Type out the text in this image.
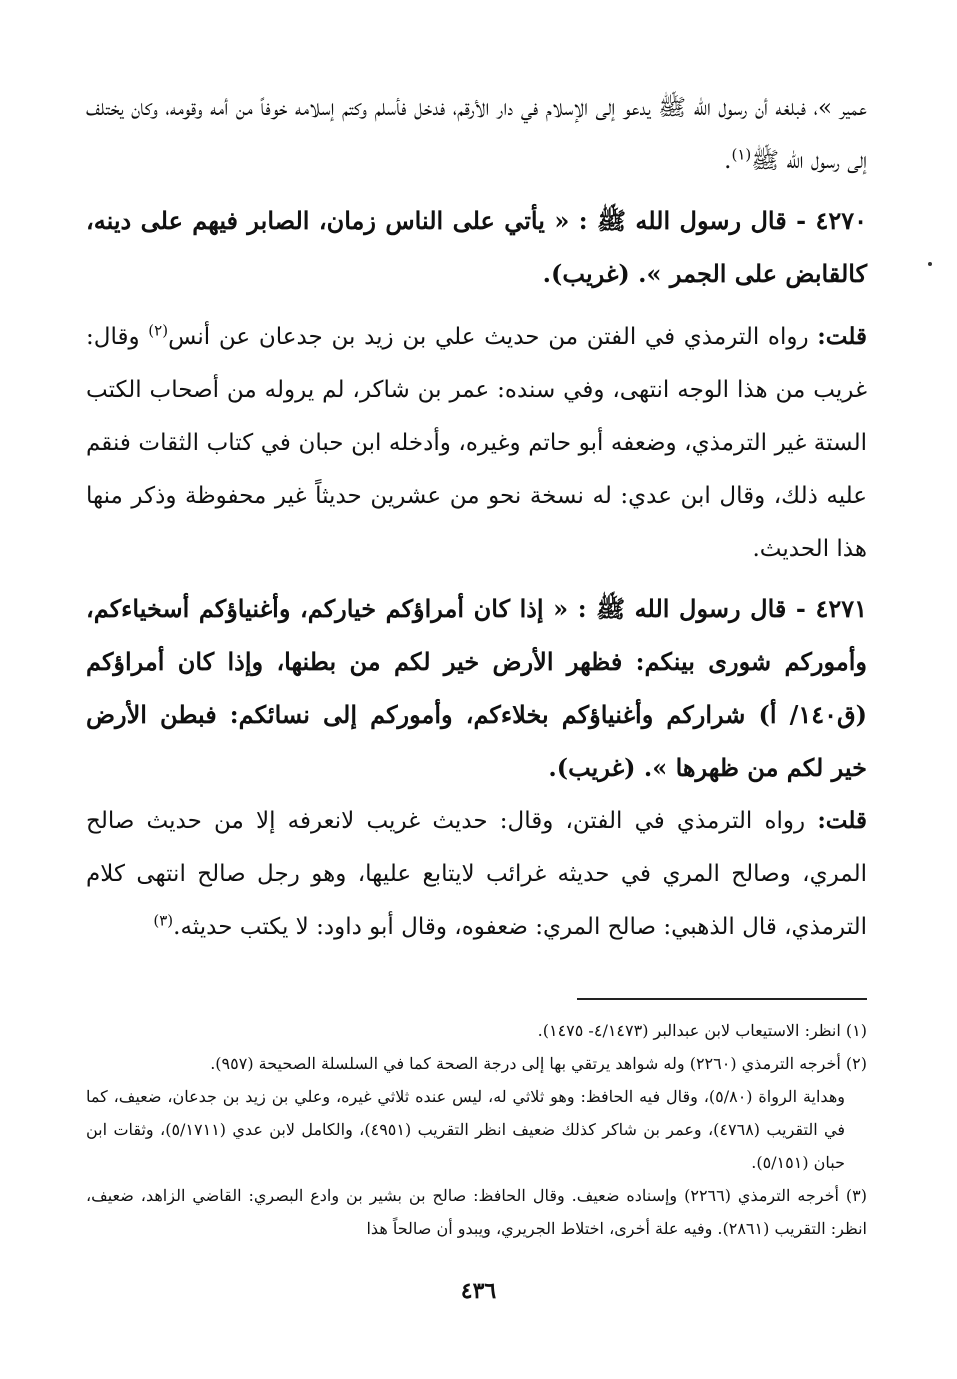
عمير »، فبلغه أن رسول الله ﷺ يدعو إلى الإسلام في دار الأرقم، فدخل فأسلم وكتم إسلامه خوفاً من أمه وقومه، وكان يختلف إلى رسول الله ﷺ$^{(١)}$.

٤٢٧٠ - قال رسول الله ﷺ : « يأتي على الناس زمان، الصابر فيهم على دينه، كالقابض على الجمر ». (غريب).

قلت: رواه الترمذي في الفتن من حديث علي بن زيد بن جدعان عن أنس$^{(٢)}$ وقال: غريب من هذا الوجه انتهى، وفي سنده: عمر بن شاكر، لم يروله من أصحاب الكتب الستة غير الترمذي، وضعفه أبو حاتم وغيره، وأدخله ابن حبان في كتاب الثقات فنقم عليه ذلك، وقال ابن عدي: له نسخة نحو من عشرين حديثاً غير محفوظة وذكر منها هذا الحديث.

٤٢٧١ - قال رسول الله ﷺ : « إذا كان أمراؤكم خياركم، وأغنياؤكم أسخياءكم، وأموركم شورى بينكم: فظهر الأرض خير لكم من بطنها، وإذا كان أمراؤكم (ق١٤٠/ أ) شراركم وأغنياؤكم بخلاءكم، وأموركم إلى نسائكم: فبطن الأرض خير لكم من ظهرها ». (غريب).

قلت: رواه الترمذي في الفتن، وقال: حديث غريب لانعرفه إلا من حديث صالح المري، وصالح المري في حديثه غرائب لايتابع عليها، وهو رجل صالح انتهى كلام الترمذي، قال الذهبي: صالح المري: ضعفوه، وقال أبو داود: لا يكتب حديثه.$^{(٣)}$

(١) انظر: الاستيعاب لابن عبدالبر (٤/١٤٧٣- ١٤٧٥).

(٢) أخرجه الترمذي (٢٢٦٠) وله شواهد يرتقي بها إلى درجة الصحة كما في السلسلة الصحيحة (٩٥٧).

وهداية الرواة (٥/٨٠)، وقال فيه الحافظ: وهو ثلاثي له، ليس عنده ثلاثي غيره، وعلي بن زيد بن جدعان، ضعيف، كما في التقريب (٤٧٦٨)، وعمر بن شاكر كذلك ضعيف انظر التقريب (٤٩٥١)، والكامل لابن عدي (٥/١٧١١)، وثقات ابن حبان (٥/١٥١).

(٣) أخرجه الترمذي (٢٢٦٦) وإسناده ضعيف. وقال الحافظ: صالح بن بشير بن وادع البصري: القاضي الزاهد، ضعيف، انظر: التقريب (٢٨٦١). وفيه علة أخرى، اختلاط الجريري، ويبدو أن صالحاً هذا

٤٣٦
